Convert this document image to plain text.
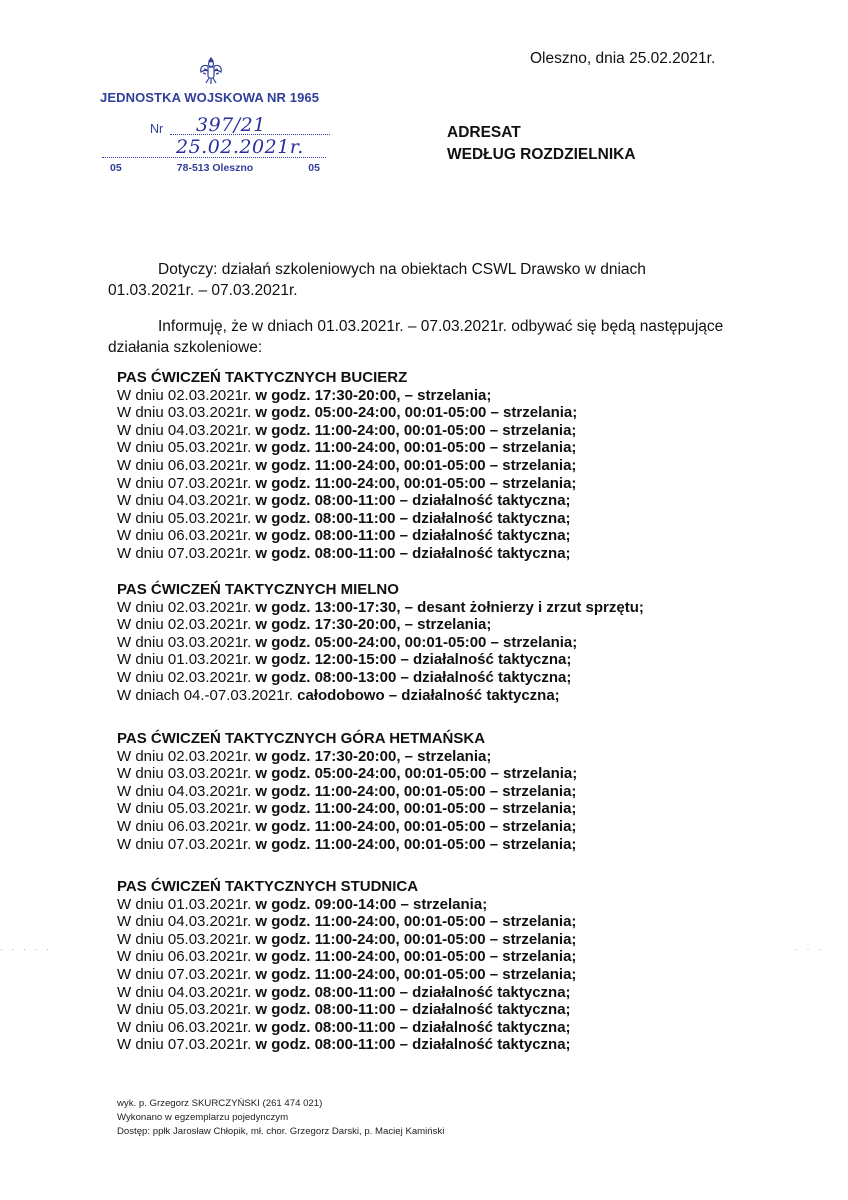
Oleszno, dnia 25.02.2021r.
JEDNOSTKA WOJSKOWA NR 1965
Nr 397/21
25.02.2021r.
05	78-513 Oleszno	05
ADRESAT
WEDŁUG ROZDZIELNIKA
Dotyczy: działań szkoleniowych na obiektach CSWL Drawsko w dniach
01.03.2021r. – 07.03.2021r.
Informuję, że w dniach 01.03.2021r. – 07.03.2021r. odbywać się będą następujące
działania szkoleniowe:
PAS ĆWICZEŃ TAKTYCZNYCH BUCIERZ
W dniu 02.03.2021r. w godz. 17:30-20:00, – strzelania;
W dniu 03.03.2021r. w godz. 05:00-24:00, 00:01-05:00 – strzelania;
W dniu 04.03.2021r. w godz. 11:00-24:00, 00:01-05:00 – strzelania;
W dniu 05.03.2021r. w godz. 11:00-24:00, 00:01-05:00 – strzelania;
W dniu 06.03.2021r. w godz. 11:00-24:00, 00:01-05:00 – strzelania;
W dniu 07.03.2021r. w godz. 11:00-24:00, 00:01-05:00 – strzelania;
W dniu 04.03.2021r. w godz. 08:00-11:00 – działalność taktyczna;
W dniu 05.03.2021r. w godz. 08:00-11:00 – działalność taktyczna;
W dniu 06.03.2021r. w godz. 08:00-11:00 – działalność taktyczna;
W dniu 07.03.2021r. w godz. 08:00-11:00 – działalność taktyczna;
PAS ĆWICZEŃ TAKTYCZNYCH MIELNO
W dniu 02.03.2021r. w godz. 13:00-17:30, – desant żołnierzy i zrzut sprzętu;
W dniu 02.03.2021r. w godz. 17:30-20:00, – strzelania;
W dniu 03.03.2021r. w godz. 05:00-24:00, 00:01-05:00 – strzelania;
W dniu 01.03.2021r. w godz. 12:00-15:00 – działalność taktyczna;
W dniu 02.03.2021r. w godz. 08:00-13:00 – działalność taktyczna;
W dniach 04.-07.03.2021r. całodobowo – działalność taktyczna;
PAS ĆWICZEŃ TAKTYCZNYCH GÓRA HETMAŃSKA
W dniu 02.03.2021r. w godz. 17:30-20:00, – strzelania;
W dniu 03.03.2021r. w godz. 05:00-24:00, 00:01-05:00 – strzelania;
W dniu 04.03.2021r. w godz. 11:00-24:00, 00:01-05:00 – strzelania;
W dniu 05.03.2021r. w godz. 11:00-24:00, 00:01-05:00 – strzelania;
W dniu 06.03.2021r. w godz. 11:00-24:00, 00:01-05:00 – strzelania;
W dniu 07.03.2021r. w godz. 11:00-24:00, 00:01-05:00 – strzelania;
PAS ĆWICZEŃ TAKTYCZNYCH STUDNICA
W dniu 01.03.2021r. w godz. 09:00-14:00 – strzelania;
W dniu 04.03.2021r. w godz. 11:00-24:00, 00:01-05:00 – strzelania;
W dniu 05.03.2021r. w godz. 11:00-24:00, 00:01-05:00 – strzelania;
W dniu 06.03.2021r. w godz. 11:00-24:00, 00:01-05:00 – strzelania;
W dniu 07.03.2021r. w godz. 11:00-24:00, 00:01-05:00 – strzelania;
W dniu 04.03.2021r. w godz. 08:00-11:00 – działalność taktyczna;
W dniu 05.03.2021r. w godz. 08:00-11:00 – działalność taktyczna;
W dniu 06.03.2021r. w godz. 08:00-11:00 – działalność taktyczna;
W dniu 07.03.2021r. w godz. 08:00-11:00 – działalność taktyczna;
wyk. p. Grzegorz SKURCZYŃSKI (261 474 021)
Wykonano w egzemplarzu pojedynczym
Dostęp: ppłk Jarosław Chłopik, mł. chor. Grzegorz Darski, p. Maciej Kamiński
· · · · ·	· · ·
